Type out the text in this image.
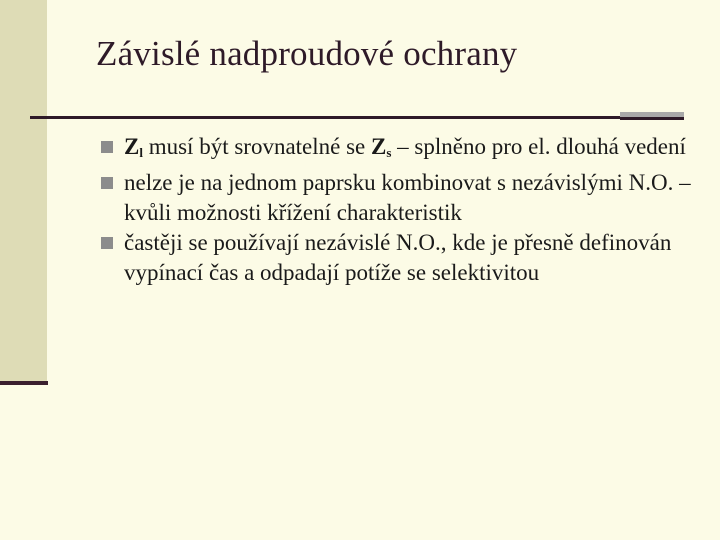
Závislé nadproudové ochrany
$Z_l$ musí být srovnatelné se $Z_s$ – splněno pro el. dlouhá vedení
nelze je na jednom paprsku kombinovat s nezávislými N.O. – kvůli možnosti křížení charakteristik
častěji se používají nezávislé N.O., kde je přesně definován vypínací čas a odpadají potíže se selektivitou
